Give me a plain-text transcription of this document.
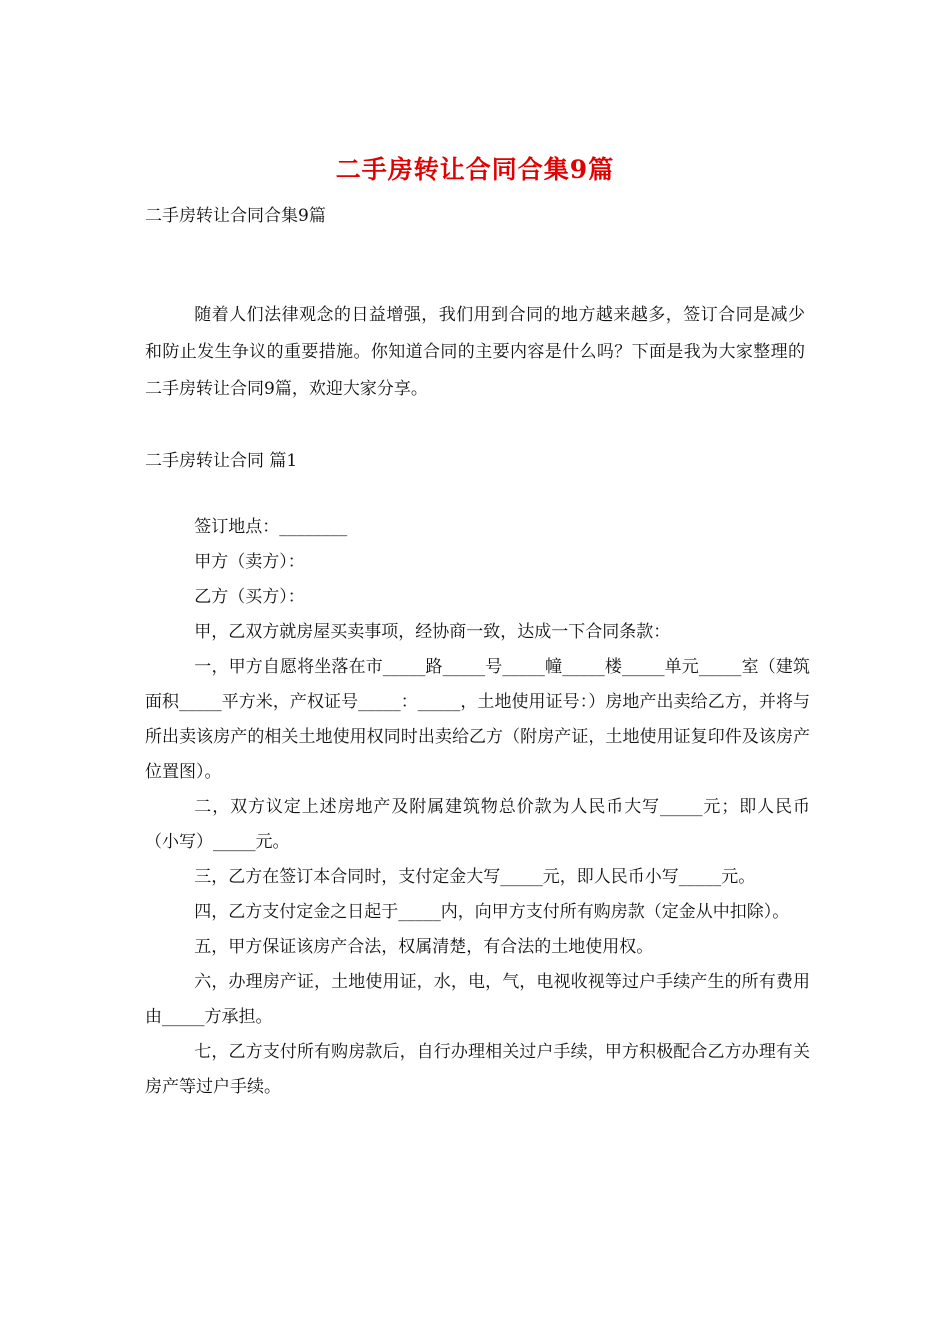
二手房转让合同合集9篇
二手房转让合同合集9篇
随着人们法律观念的日益增强，我们用到合同的地方越来越多，签订合同是减少和防止发生争议的重要措施。你知道合同的主要内容是什么吗？下面是我为大家整理的二手房转让合同9篇，欢迎大家分享。
二手房转让合同 篇1

签订地点：________

甲方（卖方）：

乙方（买方）：

甲，乙双方就房屋买卖事项，经协商一致，达成一下合同条款：

一，甲方自愿将坐落在市_____路_____号_____幢_____楼_____单元_____室（建筑面积_____平方米，产权证号_____：_____，土地使用证号：）房地产出卖给乙方，并将与所出卖该房产的相关土地使用权同时出卖给乙方（附房产证，土地使用证复印件及该房产位置图）。

二，双方议定上述房地产及附属建筑物总价款为人民币大写_____元；即人民币（小写）_____元。

三，乙方在签订本合同时，支付定金大写_____元，即人民币小写_____元。

四，乙方支付定金之日起于_____内，向甲方支付所有购房款（定金从中扣除）。

五，甲方保证该房产合法，权属清楚，有合法的土地使用权。

六，办理房产证，土地使用证，水，电，气，电视收视等过户手续产生的所有费用由_____方承担。

七，乙方支付所有购房款后，自行办理相关过户手续，甲方积极配合乙方办理有关房产等过户手续。
